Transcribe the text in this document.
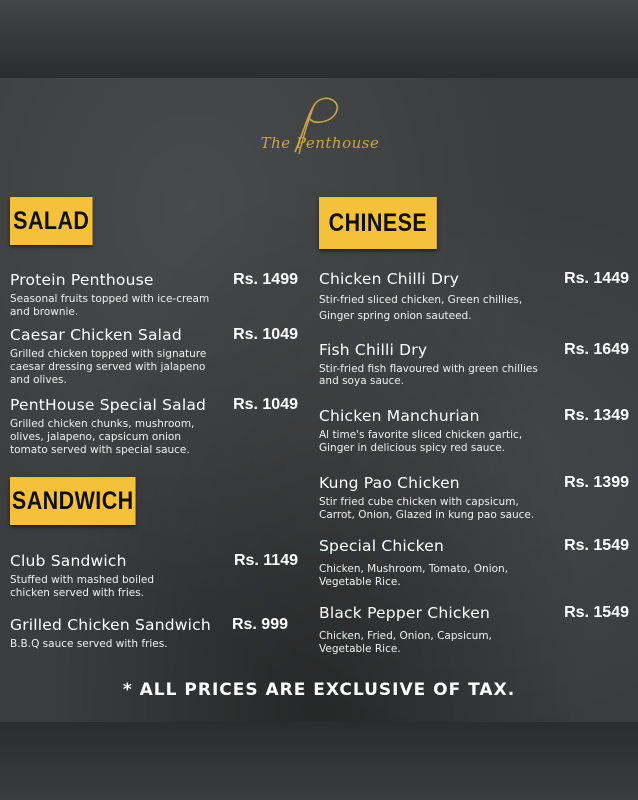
The Penthouse
SALAD
SANDWICH
CHINESE
Protein Penthouse	Rs. 1499
Seasonal fruits topped with ice-cream
and brownie.
Caesar Chicken Salad	Rs. 1049
Grilled chicken topped with signature
caesar dressing served with jalapeno
and olives.
PentHouse Special Salad	Rs. 1049
Grilled chicken chunks, mushroom,
olives, jalapeno, capsicum onion
tomato served with special sauce.
Club Sandwich	Rs. 1149
Stuffed with mashed boiled
chicken served with fries.
Grilled Chicken Sandwich	Rs. 999
B.B.Q sauce served with fries.
Chicken Chilli Dry	Rs. 1449
Stir-fried sliced chicken, Green chillies,
Ginger spring onion sauteed.
Fish Chilli Dry	Rs. 1649
Stir-fried fish flavoured with green chillies
and soya sauce.
Chicken Manchurian	Rs. 1349
Al time's favorite sliced chicken gartic,
Ginger in delicious spicy red sauce.
Kung Pao Chicken	Rs. 1399
Stir fried cube chicken with capsicum,
Carrot, Onion, Glazed in kung pao sauce.
Special Chicken	Rs. 1549
Chicken, Mushroom, Tomato, Onion,
Vegetable Rice.
Black Pepper Chicken	Rs. 1549
Chicken, Fried, Onion, Capsicum,
Vegetable Rice.
* ALL PRICES ARE EXCLUSIVE OF TAX.
